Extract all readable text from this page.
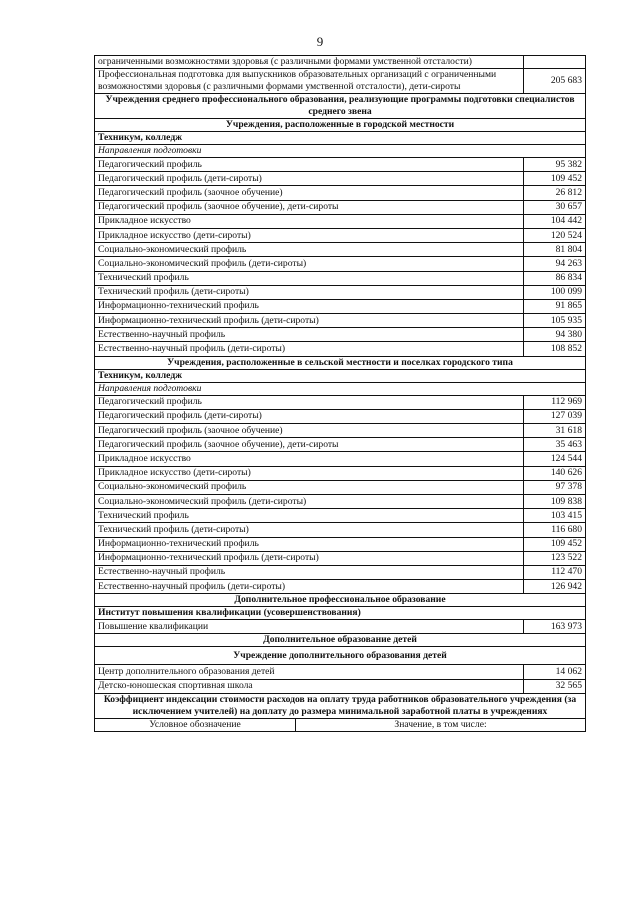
9
ограниченными возможностями здоровья (с различными формами умственной отсталости)		
Профессиональная подготовка для выпускников образовательных организаций с ограниченными возможностями здоровья (с различными формами умственной отсталости), дети-сироты		205 683
Учреждения среднего профессионального образования, реализующие программы подготовки специалистов среднего звена		
Учреждения, расположенные в городской местности		
Техникум, колледж		
Направления подготовки		
Педагогический профиль		95 382
Педагогический профиль (дети-сироты)		109 452
Педагогический профиль (заочное обучение)		26 812
Педагогический профиль (заочное обучение), дети-сироты		30 657
Прикладное искусство		104 442
Прикладное искусство (дети-сироты)		120 524
Социально-экономический профиль		81 804
Социально-экономический профиль (дети-сироты)		94 263
Технический профиль		86 834
Технический профиль (дети-сироты)		100 099
Информационно-технический профиль		91 865
Информационно-технический профиль (дети-сироты)		105 935
Естественно-научный профиль		94 380
Естественно-научный профиль (дети-сироты)		108 852
Учреждения, расположенные в сельской местности и поселках городского типа		
Техникум, колледж		
Направления подготовки		
Педагогический профиль		112 969
Педагогический профиль (дети-сироты)		127 039
Педагогический профиль (заочное обучение)		31 618
Педагогический профиль (заочное обучение), дети-сироты		35 463
Прикладное искусство		124 544
Прикладное искусство (дети-сироты)		140 626
Социально-экономический профиль		97 378
Социально-экономический профиль (дети-сироты)		109 838
Технический профиль		103 415
Технический профиль (дети-сироты)		116 680
Информационно-технический профиль		109 452
Информационно-технический профиль (дети-сироты)		123 522
Естественно-научный профиль		112 470
Естественно-научный профиль (дети-сироты)		126 942
Дополнительное профессиональное образование		
Институт повышения квалификации (усовершенствования)		
Повышение квалификации		163 973
Дополнительное образование детей		
Учреждение дополнительного образования детей		
Центр дополнительного образования детей		14 062
Детско-юношеская спортивная школа		32 565
Коэффициент индексации стоимости расходов на оплату труда работников образовательного учреждения (за исключением учителей) на доплату до размера минимальной заработной платы в учреждениях		
Условное обозначение	Значение, в том числе:	
